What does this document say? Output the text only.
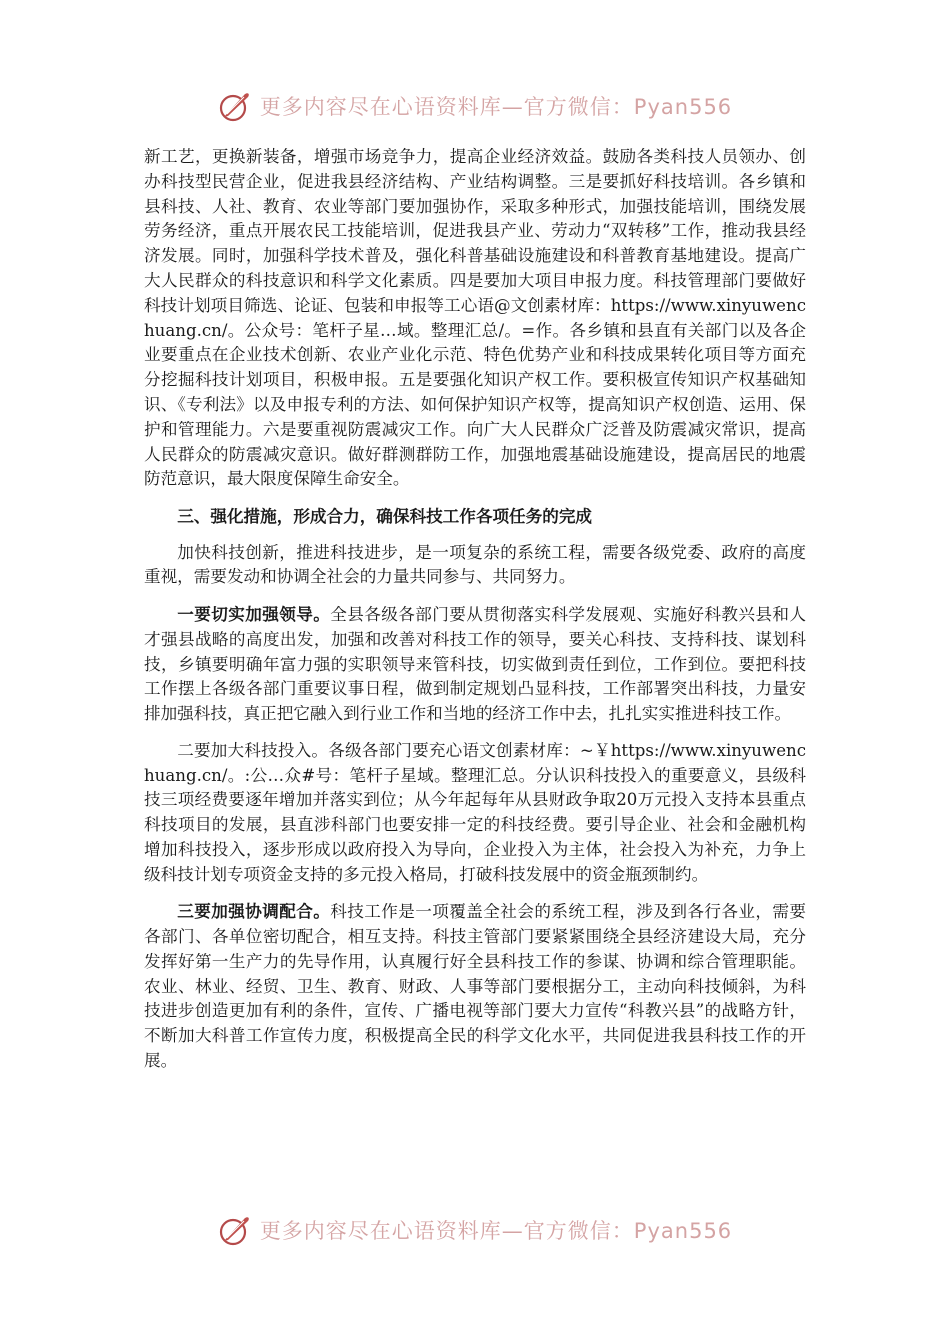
更多内容尽在心语资料库—官方微信：Pyan556

新工艺，更换新装备，增强市场竞争力，提高企业经济效益。鼓励各类科技人员领办、创办科技型民营企业，促进我县经济结构、产业结构调整。三是要抓好科技培训。各乡镇和县科技、人社、教育、农业等部门要加强协作，采取多种形式，加强技能培训，围绕发展劳务经济，重点开展农民工技能培训，促进我县产业、劳动力“双转移”工作，推动我县经济发展。同时，加强科学技术普及，强化科普基础设施建设和科普教育基地建设。提高广大人民群众的科技意识和科学文化素质。四是要加大项目申报力度。科技管理部门要做好科技计划项目筛选、论证、包装和申报等工心语@文创素材库：https://www.xinyuwenchuang.cn/。公众号：笔杆子星…域。整理汇总/。=作。各乡镇和县直有关部门以及各企业要重点在企业技术创新、农业产业化示范、特色优势产业和科技成果转化项目等方面充分挖掘科技计划项目，积极申报。五是要强化知识产权工作。要积极宣传知识产权基础知识、《专利法》以及申报专利的方法、如何保护知识产权等，提高知识产权创造、运用、保护和管理能力。六是要重视防震减灾工作。向广大人民群众广泛普及防震减灾常识，提高人民群众的防震减灾意识。做好群测群防工作，加强地震基础设施建设，提高居民的地震防范意识，最大限度保障生命安全。

三、强化措施，形成合力，确保科技工作各项任务的完成

加快科技创新，推进科技进步，是一项复杂的系统工程，需要各级党委、政府的高度重视，需要发动和协调全社会的力量共同参与、共同努力。

一要切实加强领导。全县各级各部门要从贯彻落实科学发展观、实施好科教兴县和人才强县战略的高度出发，加强和改善对科技工作的领导，要关心科技、支持科技、谋划科技，乡镇要明确年富力强的实职领导来管科技，切实做到责任到位，工作到位。要把科技工作摆上各级各部门重要议事日程，做到制定规划凸显科技，工作部署突出科技，力量安排加强科技，真正把它融入到行业工作和当地的经济工作中去，扎扎实实推进科技工作。

二要加大科技投入。各级各部门要充心语文创素材库：~￥https://www.xinyuwenchuang.cn/。:公…众#号：笔杆子星域。整理汇总。分认识科技投入的重要意义，县级科技三项经费要逐年增加并落实到位；从今年起每年从县财政争取20万元投入支持本县重点科技项目的发展，县直涉科部门也要安排一定的科技经费。要引导企业、社会和金融机构增加科技投入，逐步形成以政府投入为导向，企业投入为主体，社会投入为补充，力争上级科技计划专项资金支持的多元投入格局，打破科技发展中的资金瓶颈制约。

三要加强协调配合。科技工作是一项覆盖全社会的系统工程，涉及到各行各业，需要各部门、各单位密切配合，相互支持。科技主管部门要紧紧围绕全县经济建设大局，充分发挥好第一生产力的先导作用，认真履行好全县科技工作的参谋、协调和综合管理职能。农业、林业、经贸、卫生、教育、财政、人事等部门要根据分工，主动向科技倾斜，为科技进步创造更加有利的条件，宣传、广播电视等部门要大力宣传“科教兴县”的战略方针，不断加大科普工作宣传力度，积极提高全民的科学文化水平，共同促进我县科技工作的开展。

更多内容尽在心语资料库—官方微信：Pyan556
